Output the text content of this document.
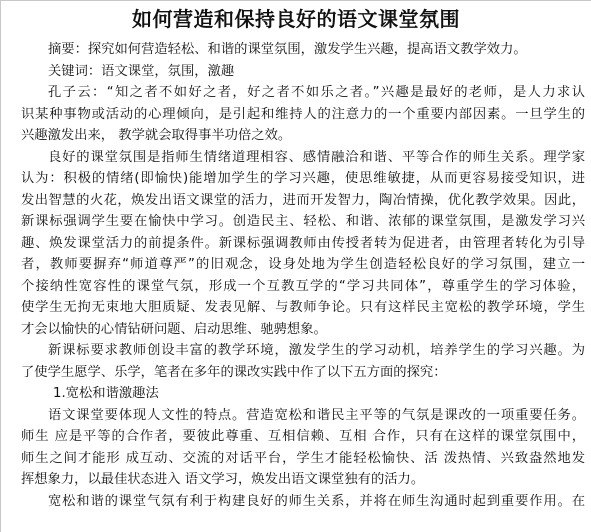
如何营造和保持良好的语文课堂氛围
摘要：探究如何营造轻松、和谐的课堂氛围，激发学生兴趣，提高语文教学效力。
关键词：语文课堂，氛围，激趣
孔子云：“知之者不如好之者，好之者不如乐之者。”兴趣是最好的老师，是人力求认
识某种事物或活动的心理倾向，是引起和维持人的注意力的一个重要内部因素。一旦学生的
兴趣激发出来， 教学就会取得事半功倍之效。
良好的课堂氛围是指师生情绪道理相容、感情融洽和谐、平等合作的师生关系。理学家
认为：积极的情绪(即愉快)能增加学生的学习兴趣，使思维敏捷，从而更容易接受知识，进
发出智慧的火花，焕发出语文课堂的活力，进而开发智力，陶冶情操，优化教学效果。因此，
新课标强调学生要在愉快中学习。创造民主、轻松、和谐、浓郁的课堂氛围，是激发学习兴
趣、焕发课堂活力的前提条件。新课标强调教师由传授者转为促进者，由管理者转化为引导
者，教师要摒弃“师道尊严”的旧观念，设身处地为学生创造轻松良好的学习氛围，建立一
个接纳性宽容性的课堂气氛，形成一个互教互学的“学习共同体”，尊重学生的学习体验，
使学生无拘无束地大胆质疑、发表见解、与教师争论。只有这样民主宽松的教学环境，学生
才会以愉快的心情钻研问题、启动思维、驰骋想象。
新课标要求教师创设丰富的教学环境，激发学生的学习动机，培养学生的学习兴趣。为
了使学生愿学、乐学，笔者在多年的课改实践中作了以下五方面的探究：
1.宽松和谐激趣法
语文课堂要体现人文性的特点。营造宽松和谐民主平等的气氛是课改的一项重要任务。
师生 应是平等的合作者，要彼此尊重、互相信赖、互相 合作，只有在这样的课堂氛围中，
师生之间才能形 成互动、交流的对话平台，学生才能轻松愉快、活 泼热情、兴致盎然地发
挥想象力，以最佳状态进入 语文学习，焕发出语文课堂独有的活力。
宽松和谐的课堂气氛有利于构建良好的师生关系，并将在师生沟通时起到重要作用。在
